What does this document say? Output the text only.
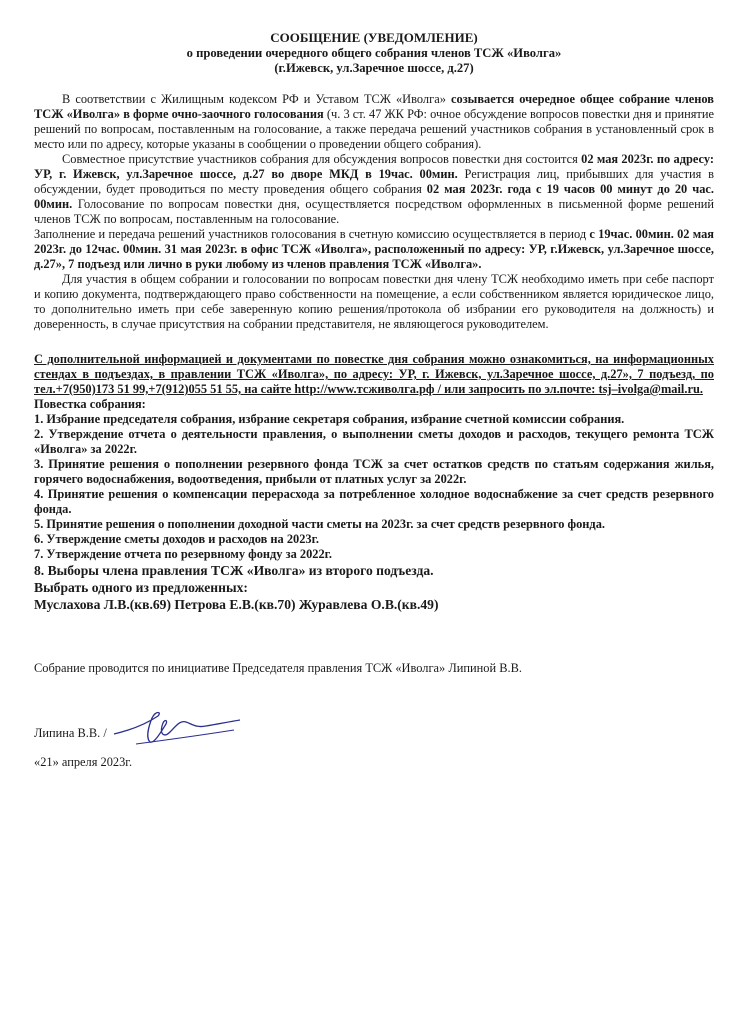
СООБЩЕНИЕ (УВЕДОМЛЕНИЕ)
о проведении очередного общего собрания членов ТСЖ «Иволга»
(г.Ижевск, ул.Заречное шоссе, д.27)

В соответствии с Жилищным кодексом РФ и Уставом ТСЖ «Иволга» созывается очередное общее собрание членов ТСЖ «Иволга» в форме очно-заочного голосования (ч. 3 ст. 47 ЖК РФ: очное обсуждение вопросов повестки дня и принятие решений по вопросам, поставленным на голосование, а также передача решений участников собрания в установленный срок в место или по адресу, которые указаны в сообщении о проведении общего собрания).

Совместное присутствие участников собрания для обсуждения вопросов повестки дня состоится 02 мая 2023г. по адресу: УР, г. Ижевск, ул.Заречное шоссе, д.27 во дворе МКД в 19час. 00мин. Регистрация лиц, прибывших для участия в обсуждении, будет проводиться по месту проведения общего собрания 02 мая 2023г. года с 19 часов 00 минут до 20 час. 00мин. Голосование по вопросам повестки дня, осуществляется посредством оформленных в письменной форме решений членов ТСЖ по вопросам, поставленным на голосование.

Заполнение и передача решений участников голосования в счетную комиссию осуществляется в период с 19час. 00мин. 02 мая 2023г. до 12час. 00мин. 31 мая 2023г. в офис ТСЖ «Иволга», расположенный по адресу: УР, г.Ижевск, ул.Заречное шоссе, д.27», 7 подъезд или лично в руки любому из членов правления ТСЖ «Иволга».

Для участия в общем собрании и голосовании по вопросам повестки дня члену ТСЖ необходимо иметь при себе паспорт и копию документа, подтверждающего право собственности на помещение, а если собственником является юридическое лицо, то дополнительно иметь при себе заверенную копию решения/протокола об избрании его руководителя на должность) и доверенность, в случае присутствия на собрании представителя, не являющегося руководителем.

С дополнительной информацией и документами по повестке дня собрания можно ознакомиться, на информационных стендах в подъездах, в правлении ТСЖ «Иволга», по адресу: УР, г. Ижевск, ул.Заречное шоссе, д.27», 7 подъезд, по тел.+7(950)173 51 99,+7(912)055 51 55, на сайте http://www.тсживолга.рф / или запросить по эл.почте: tsj–ivolga@mail.ru.

Повестка собрания:

1. Избрание председателя собрания, избрание секретаря собрания, избрание счетной комиссии собрания.

2. Утверждение отчета о деятельности правления, о выполнении сметы доходов и расходов, текущего ремонта ТСЖ «Иволга» за 2022г.

3. Принятие решения о пополнении резервного фонда ТСЖ за счет остатков средств по статьям содержания жилья, горячего водоснабжения, водоотведения, прибыли от платных услуг за 2022г.

4. Принятие решения о компенсации перерасхода за потребленное холодное водоснабжение за счет средств резервного фонда.

5. Принятие решения о пополнении доходной части сметы на 2023г. за счет средств резервного фонда.

6. Утверждение сметы доходов и расходов на 2023г.

7. Утверждение отчета по резервному фонду за 2022г.

8. Выборы члена правления ТСЖ «Иволга» из второго подъезда.

Выбрать одного из предложенных:

Муслахова Л.В.(кв.69) Петрова Е.В.(кв.70) Журавлева О.В.(кв.49)

Собрание проводится по инициативе Председателя правления ТСЖ «Иволга» Липиной В.В.

Липина В.В. /

«21» апреля 2023г.
